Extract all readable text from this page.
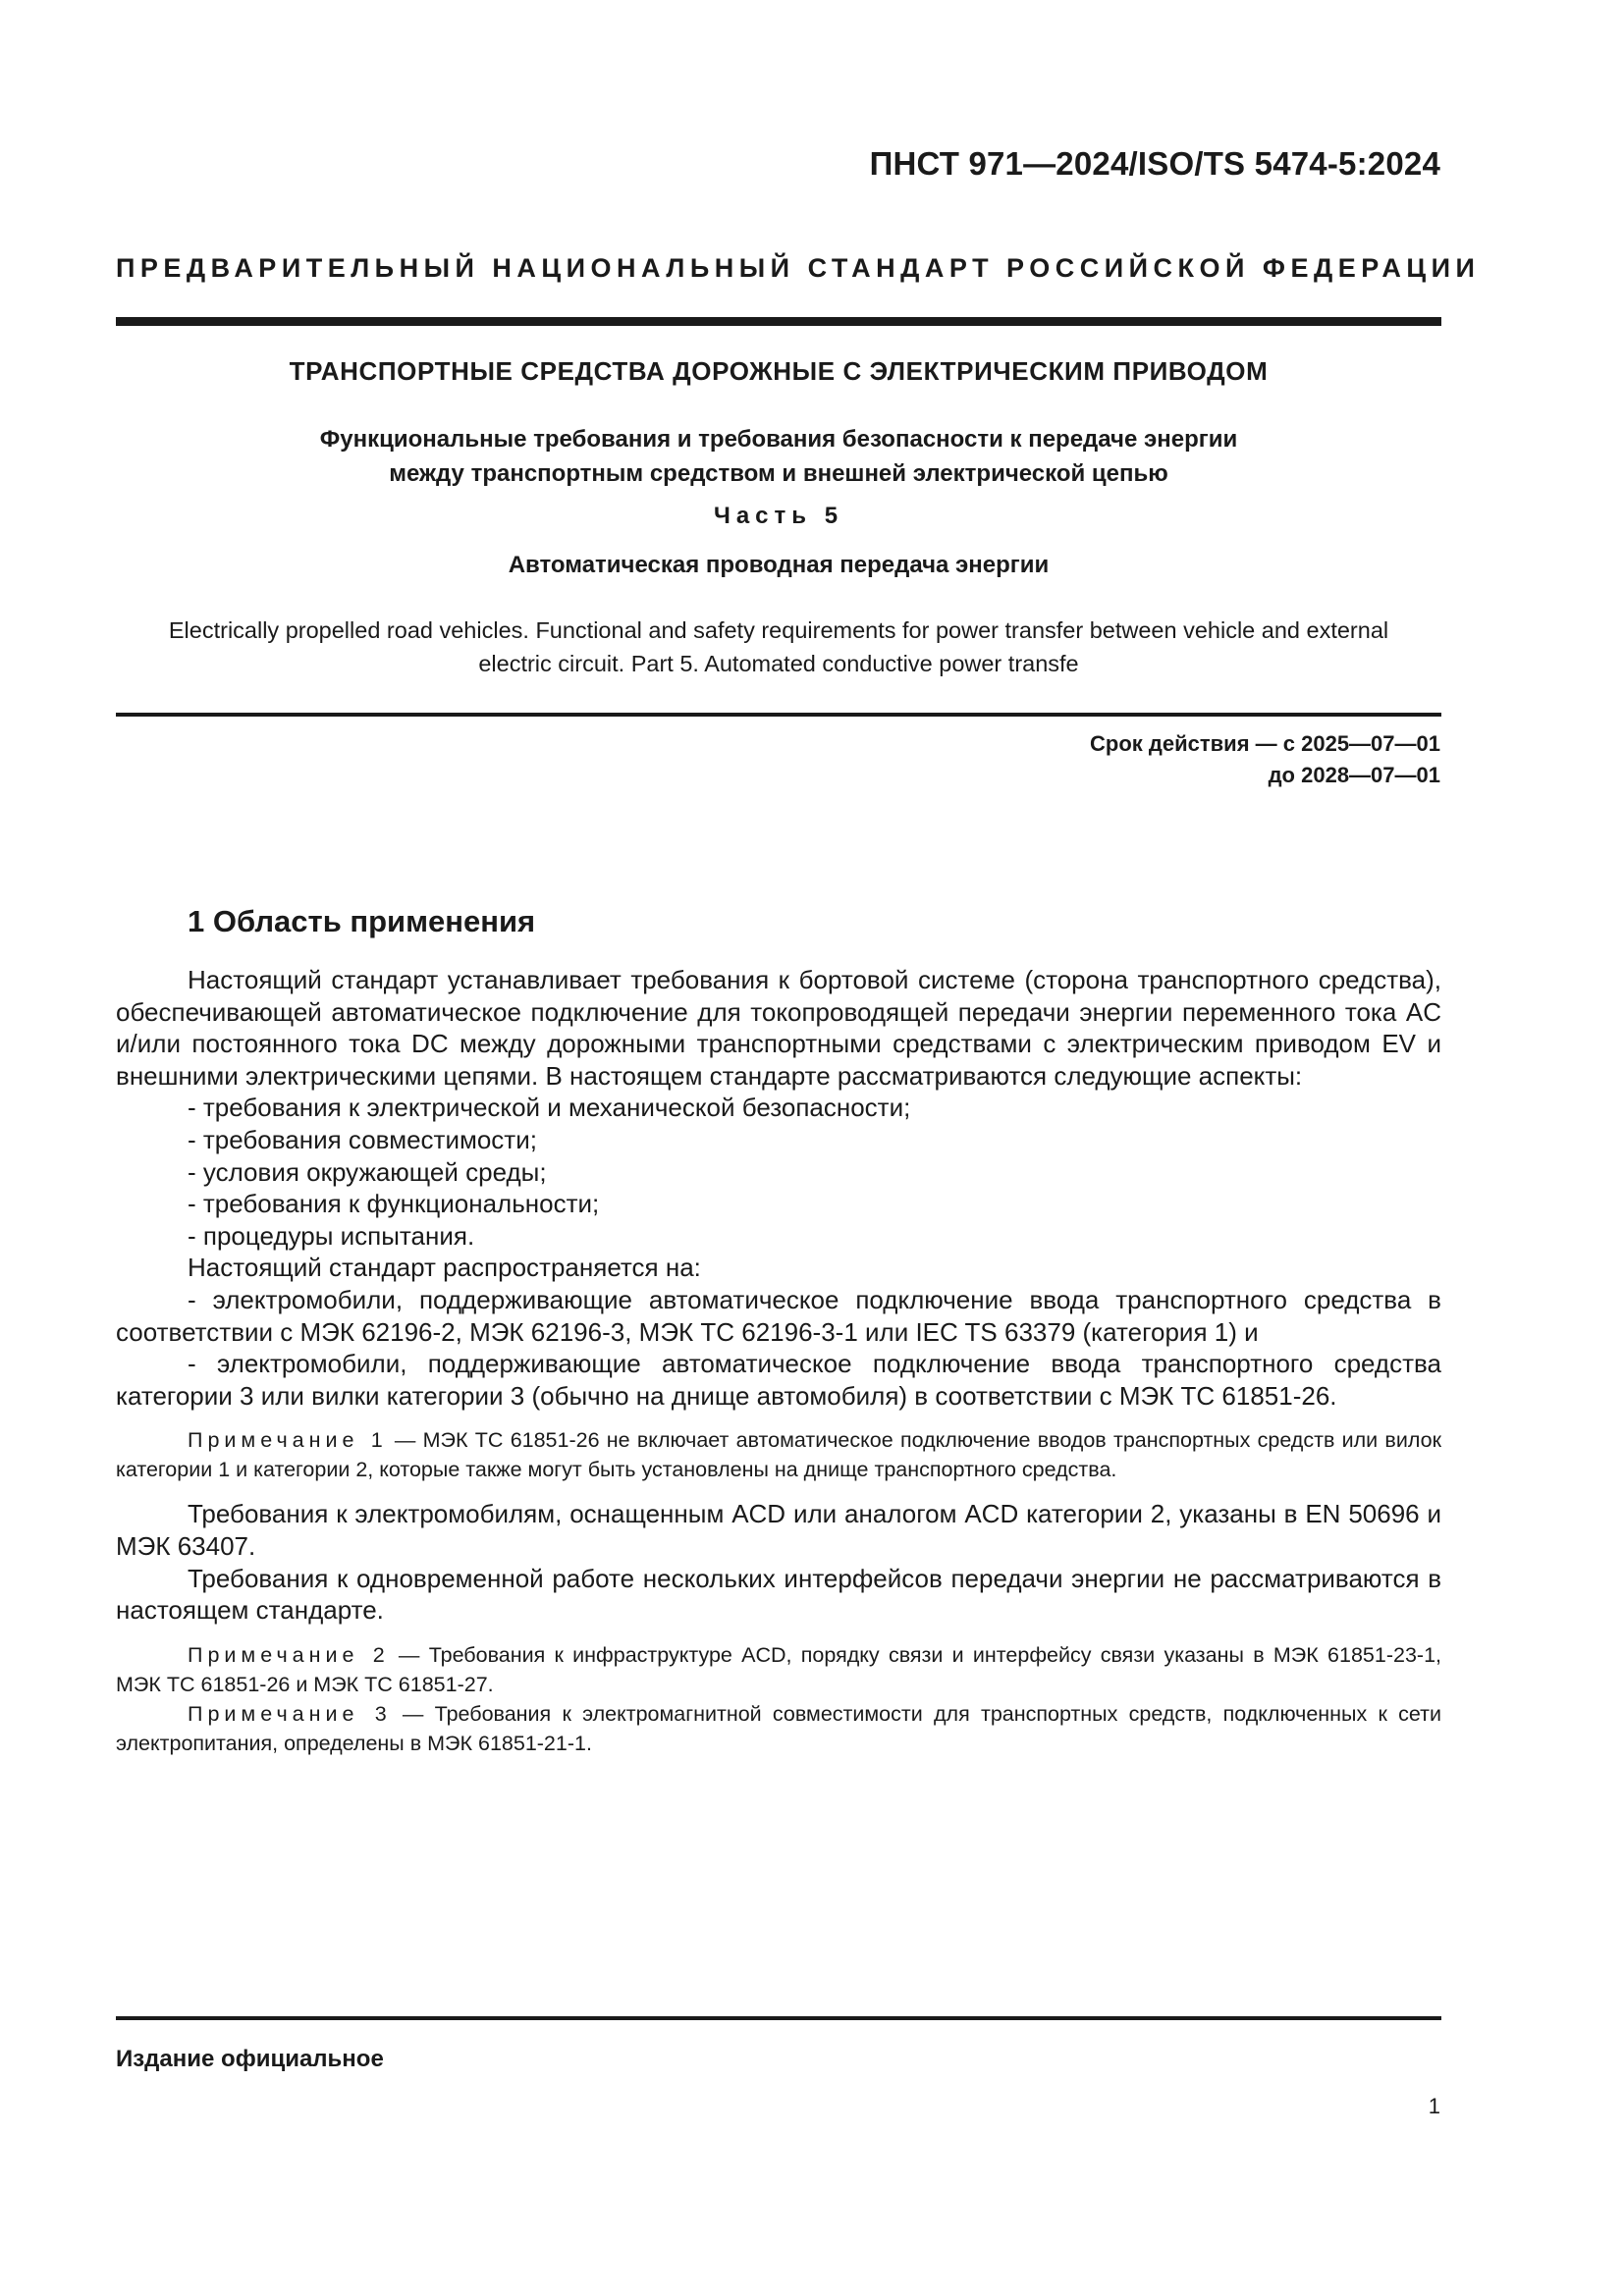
ПНСТ 971—2024/ISO/TS 5474-5:2024
ПРЕДВАРИТЕЛЬНЫЙ НАЦИОНАЛЬНЫЙ СТАНДАРТ РОССИЙСКОЙ ФЕДЕРАЦИИ
ТРАНСПОРТНЫЕ СРЕДСТВА ДОРОЖНЫЕ С ЭЛЕКТРИЧЕСКИМ ПРИВОДОМ
Функциональные требования и требования безопасности к передаче энергии
между транспортным средством и внешней электрической цепью
Часть 5
Автоматическая проводная передача энергии
Electrically propelled road vehicles. Functional and safety requirements for power transfer between vehicle and external
electric circuit. Part 5. Automated conductive power transfe
Срок действия — с 2025—07—01
до 2028—07—01
1 Область применения

Настоящий стандарт устанавливает требования к бортовой системе (сторона транспортного средства), обеспечивающей автоматическое подключение для токопроводящей передачи энергии переменного тока AC и/или постоянного тока DC между дорожными транспортными средствами с электрическим приводом EV и внешними электрическими цепями. В настоящем стандарте рассматриваются следующие аспекты:

- требования к электрической и механической безопасности;
- требования совместимости;
- условия окружающей среды;
- требования к функциональности;
- процедуры испытания.

Настоящий стандарт распространяется на:

- электромобили, поддерживающие автоматическое подключение ввода транспортного средства в соответствии с МЭК 62196-2, МЭК 62196-3, МЭК ТС 62196-3-1 или IEC TS 63379 (категория 1) и

- электромобили, поддерживающие автоматическое подключение ввода транспортного средства категории 3 или вилки категории 3 (обычно на днище автомобиля) в соответствии с МЭК ТС 61851-26.

Примечание 1 — МЭК ТС 61851-26 не включает автоматическое подключение вводов транспортных средств или вилок категории 1 и категории 2, которые также могут быть установлены на днище транспортного средства.

Требования к электромобилям, оснащенным ACD или аналогом ACD категории 2, указаны в EN 50696 и МЭК 63407.

Требования к одновременной работе нескольких интерфейсов передачи энергии не рассматриваются в настоящем стандарте.

Примечание 2 — Требования к инфраструктуре ACD, порядку связи и интерфейсу связи указаны в МЭК 61851-23-1, МЭК ТС 61851-26 и МЭК ТС 61851-27.

Примечание 3 — Требования к электромагнитной совместимости для транспортных средств, подключенных к сети электропитания, определены в МЭК 61851-21-1.

Издание официальное
1
